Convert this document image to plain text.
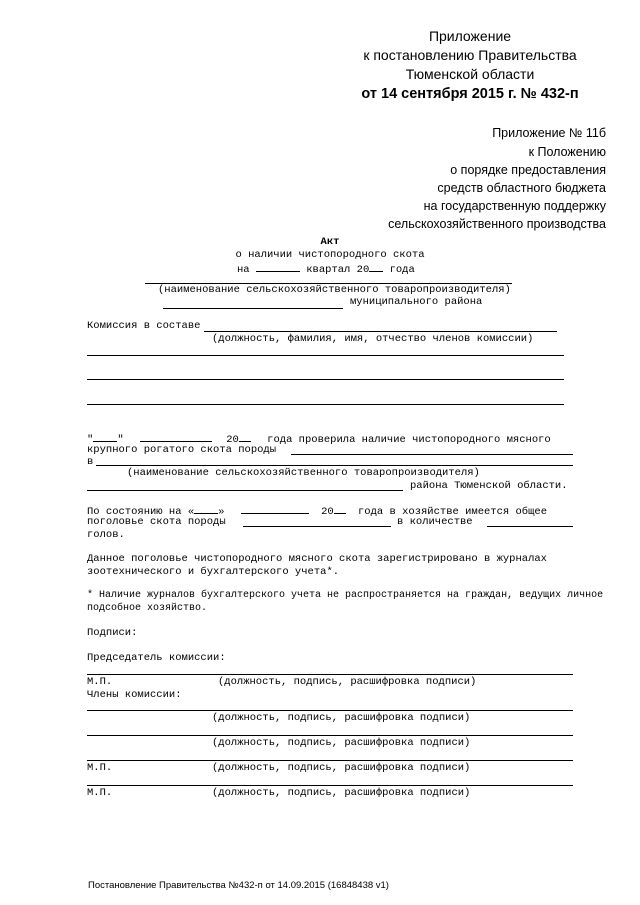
Приложение
к постановлению Правительства
Тюменской области
от 14 сентября 2015 г. № 432-п
Приложение № 11б
к Положению
о порядке предоставления
средств областного бюджета
на государственную поддержку
сельскохозяйственного производства
Акт
о наличии чистопородного скота
на	квартал 20 года
(наименование сельскохозяйственного товаропроизводителя)
муниципального района
Комиссия в составе
(должность, фамилия, имя, отчество членов комиссии)
" "	20	года проверила наличие чистопородного мясного
крупного рогатого скота породы
в
(наименование сельскохозяйственного товаропроизводителя)
района Тюменской области.
По состоянию на « »	20 года в хозяйстве имеется общее
поголовье скота породы	в количестве
голов.
Данное поголовье чистопородного мясного скота зарегистрировано в журналах
зоотехнического и бухгалтерского учета*.
* Наличие журналов бухгалтерского учета не распространяется на граждан, ведущих личное
подсобное хозяйство.
Подписи:
Председатель комиссии:
М.П.	(должность, подпись, расшифровка подписи)
Члены комиссии:
(должность, подпись, расшифровка подписи)
(должность, подпись, расшифровка подписи)
М.П.	(должность, подпись, расшифровка подписи)
М.П.	(должность, подпись, расшифровка подписи)
Постановление Правительства №432-п от 14.09.2015 (16848438 v1)
